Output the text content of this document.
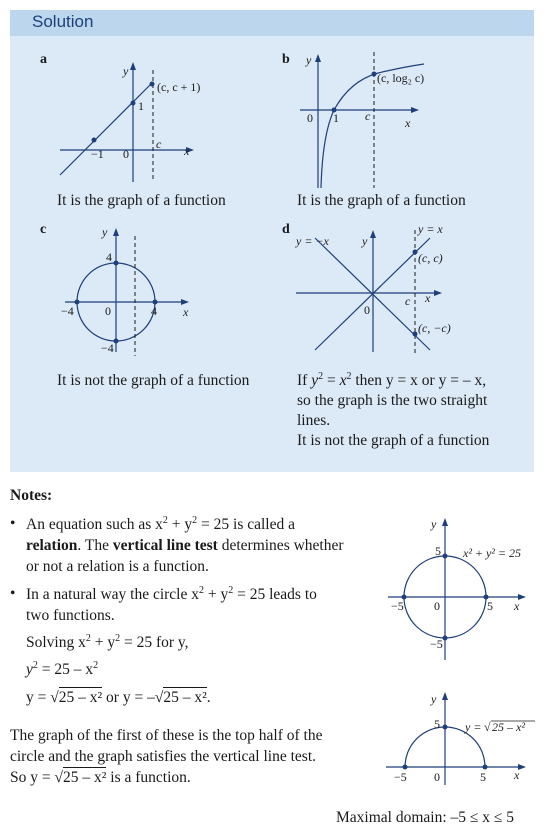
Solution
a
y
x
(c, c + 1)
1
−1 0
c
It is the graph of a function
b y
x
(c, log₂ c)
1
0	c
It is the graph of a function
c	y
x
4
−4
4
−4
0
It is not the graph of a function
d
y
x
y = −x
y = x
(c, c)
(c, −c)
0
c
If $y^2 = x^2$ then y = x or y = – x,
so the graph is the two straight
lines.
It is not the graph of a function
Notes:
• An equation such as $x^2 + y^2 = 25$ is called a
relation. The vertical line test determines whether
or not a relation is a function.
• In a natural way the circle $x^2 + y^2 = 25$ leads to
two functions.
Solving $x^2 + y^2 = 25$ for y,
$y^2 = 25 - x^2$
y = √25 – x² or y = –√25 – x².
The graph of the first of these is the top half of the
circle and the graph satisfies the vertical line test.
So y = √25 – x² is a function.
y
x
x² + y² = 25
5
−5
5
−5
0
y
x
y = 25 – x²
√
5
−5
5
0
Maximal domain: –5 ≤ x ≤ 5
